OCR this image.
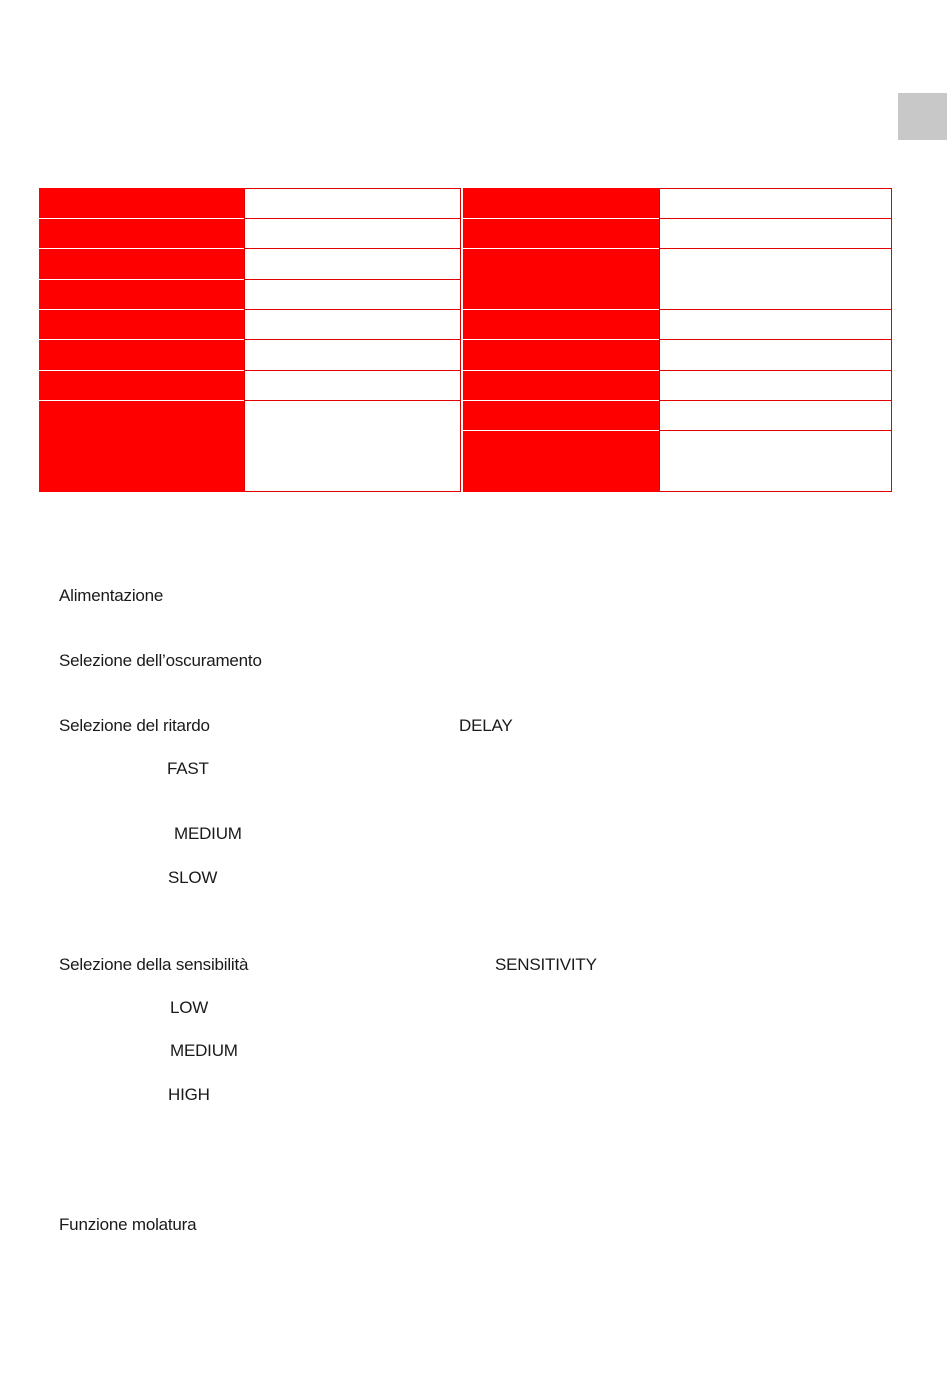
Alimentazione
Selezione dell’oscuramento
Selezione del ritardo	DELAY
FAST
MEDIUM
SLOW
Selezione della sensibilità	SENSITIVITY
LOW
MEDIUM
HIGH
Funzione molatura
